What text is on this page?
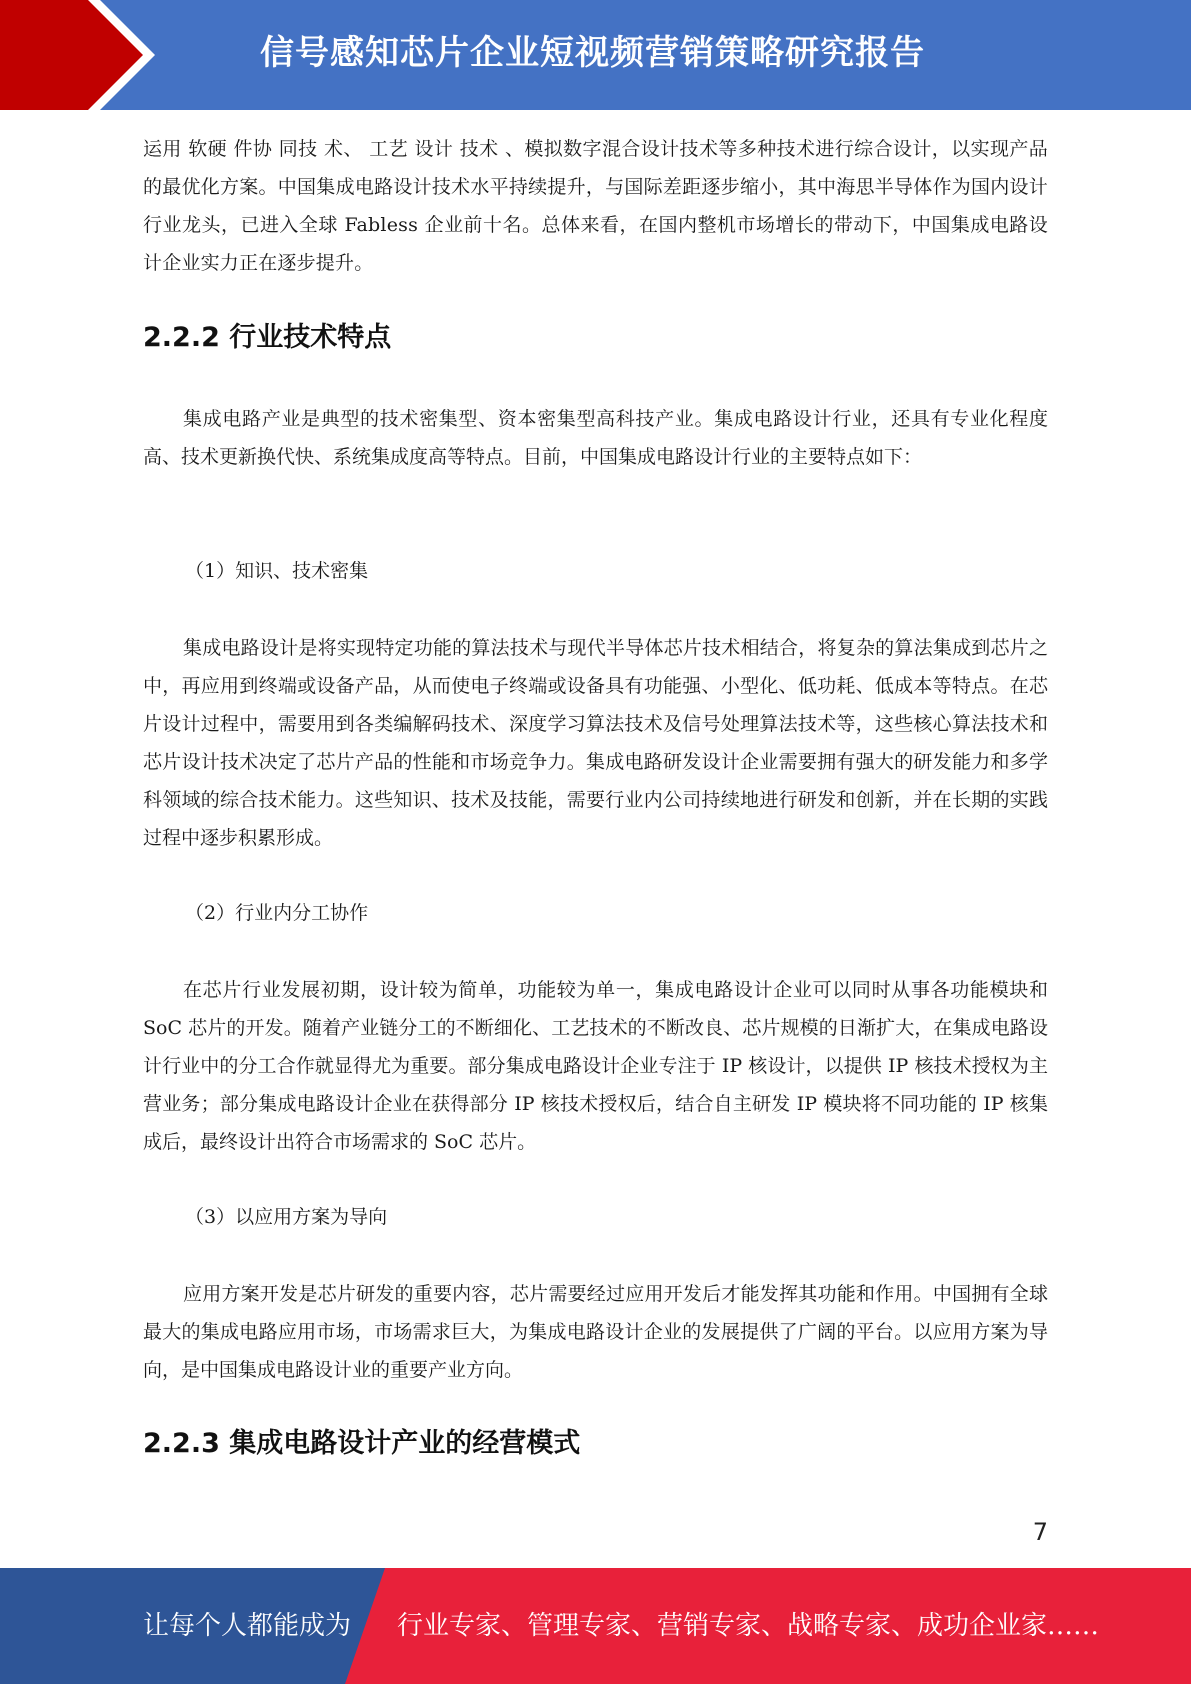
信号感知芯片企业短视频营销策略研究报告

运用 软硬 件协 同技 术、 工艺 设计 技术 、模拟数字混合设计技术等多种技术进行综合设计，以实现产品的最优化方案。中国集成电路设计技术水平持续提升，与国际差距逐步缩小，其中海思半导体作为国内设计行业龙头，已进入全球 Fabless 企业前十名。总体来看，在国内整机市场增长的带动下，中国集成电路设计企业实力正在逐步提升。

2.2.2 行业技术特点

集成电路产业是典型的技术密集型、资本密集型高科技产业。集成电路设计行业，还具有专业化程度高、技术更新换代快、系统集成度高等特点。目前，中国集成电路设计行业的主要特点如下：

（1）知识、技术密集

集成电路设计是将实现特定功能的算法技术与现代半导体芯片技术相结合，将复杂的算法集成到芯片之中，再应用到终端或设备产品，从而使电子终端或设备具有功能强、小型化、低功耗、低成本等特点。在芯片设计过程中，需要用到各类编解码技术、深度学习算法技术及信号处理算法技术等，这些核心算法技术和芯片设计技术决定了芯片产品的性能和市场竞争力。集成电路研发设计企业需要拥有强大的研发能力和多学科领域的综合技术能力。这些知识、技术及技能，需要行业内公司持续地进行研发和创新，并在长期的实践过程中逐步积累形成。

（2）行业内分工协作

在芯片行业发展初期，设计较为简单，功能较为单一，集成电路设计企业可以同时从事各功能模块和 SoC 芯片的开发。随着产业链分工的不断细化、工艺技术的不断改良、芯片规模的日渐扩大，在集成电路设计行业中的分工合作就显得尤为重要。部分集成电路设计企业专注于 IP 核设计，以提供 IP 核技术授权为主营业务；部分集成电路设计企业在获得部分 IP 核技术授权后，结合自主研发 IP 模块将不同功能的 IP 核集成后，最终设计出符合市场需求的 SoC 芯片。

（3）以应用方案为导向

应用方案开发是芯片研发的重要内容，芯片需要经过应用开发后才能发挥其功能和作用。中国拥有全球最大的集成电路应用市场，市场需求巨大，为集成电路设计企业的发展提供了广阔的平台。以应用方案为导向，是中国集成电路设计业的重要产业方向。

2.2.3 集成电路设计产业的经营模式
7
让每个人都能成为 行业专家、管理专家、营销专家、战略专家、成功企业家……
